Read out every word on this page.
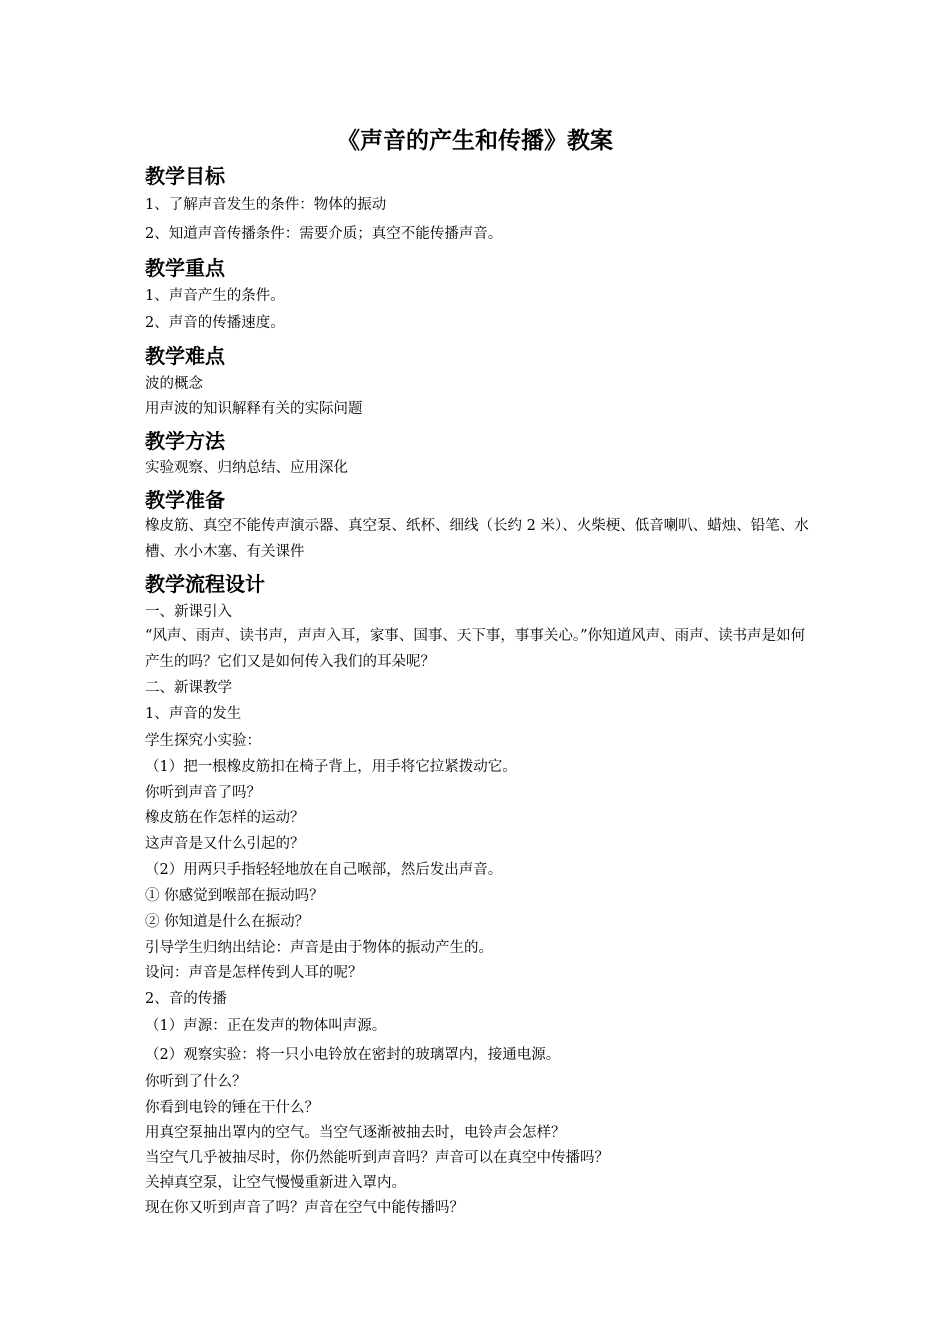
《声音的产生和传播》教案
教学目标
1、了解声音发生的条件：物体的振动
2、知道声音传播条件：需要介质；真空不能传播声音。
教学重点
1、声音产生的条件。
2、声音的传播速度。
教学难点
波的概念
用声波的知识解释有关的实际问题
教学方法
实验观察、归纳总结、应用深化
教学准备
橡皮筋、真空不能传声演示器、真空泵、纸杯、细线（长约 2 米）、火柴梗、低音喇叭、蜡烛、铅笔、水槽、水小木塞、有关课件
教学流程设计
一、新课引入
“风声、雨声、读书声，声声入耳，家事、国事、天下事，事事关心。”你知道风声、雨声、读书声是如何产生的吗？它们又是如何传入我们的耳朵呢？
二、新课教学
1、声音的发生
学生探究小实验：
（1）把一根橡皮筋扣在椅子背上，用手将它拉紧拨动它。
你听到声音了吗？
橡皮筋在作怎样的运动？
这声音是又什么引起的？
（2）用两只手指轻轻地放在自己喉部，然后发出声音。
① 你感觉到喉部在振动吗？
② 你知道是什么在振动？
引导学生归纳出结论：声音是由于物体的振动产生的。
设问：声音是怎样传到人耳的呢？
2、音的传播
（1）声源：正在发声的物体叫声源。
（2）观察实验：将一只小电铃放在密封的玻璃罩内，接通电源。
你听到了什么？
你看到电铃的锤在干什么？
用真空泵抽出罩内的空气。当空气逐渐被抽去时，电铃声会怎样？
当空气几乎被抽尽时，你仍然能听到声音吗？声音可以在真空中传播吗？
关掉真空泵，让空气慢慢重新进入罩内。
现在你又听到声音了吗？声音在空气中能传播吗？
